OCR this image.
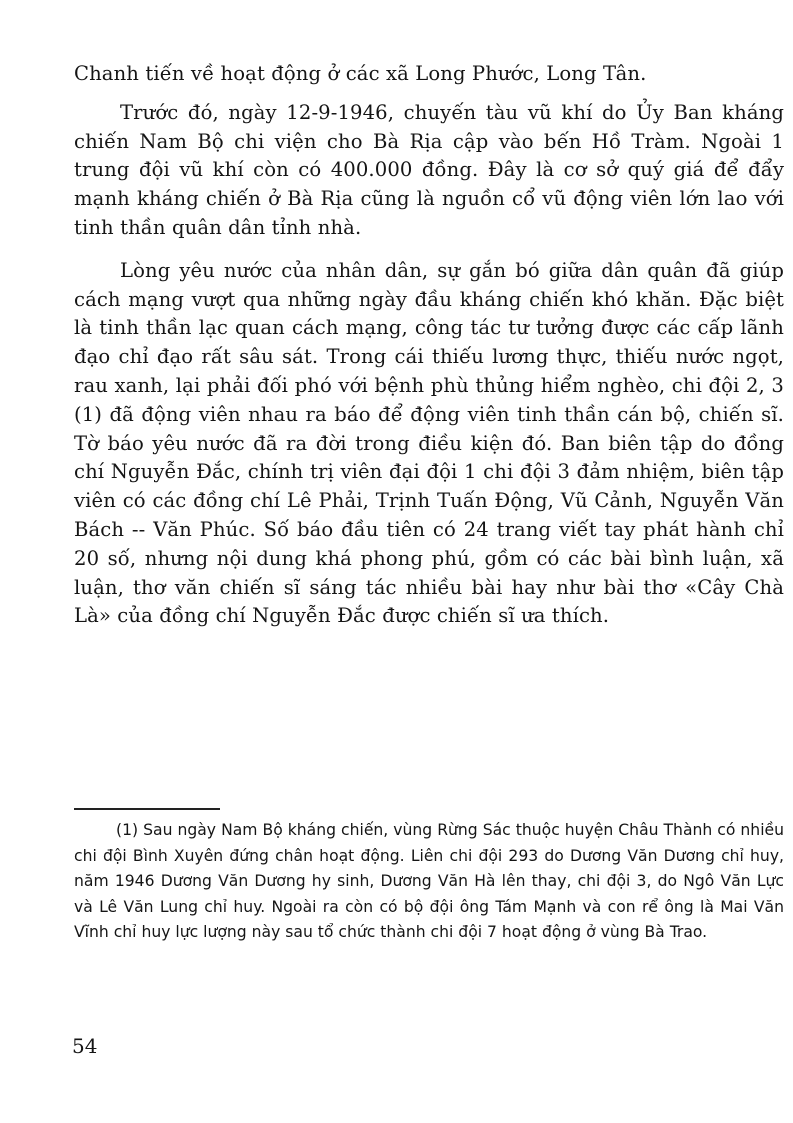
Chanh tiến về hoạt động ở các xã Long Phước, Long Tân.

Trước đó, ngày 12-9-1946, chuyến tàu vũ khí do Ủy Ban kháng chiến Nam Bộ chi viện cho Bà Rịa cập vào bến Hồ Tràm. Ngoài 1 trung đội vũ khí còn có 400.000 đồng. Đây là cơ sở quý giá để đẩy mạnh kháng chiến ở Bà Rịa cũng là nguồn cổ vũ động viên lớn lao với tinh thần quân dân tỉnh nhà.

Lòng yêu nước của nhân dân, sự gắn bó giữa dân quân đã giúp cách mạng vượt qua những ngày đầu kháng chiến khó khăn. Đặc biệt là tinh thần lạc quan cách mạng, công tác tư tưởng được các cấp lãnh đạo chỉ đạo rất sâu sát. Trong cái thiếu lương thực, thiếu nước ngọt, rau xanh, lại phải đối phó với bệnh phù thủng hiểm nghèo, chi đội 2, 3 (1) đã động viên nhau ra báo để động viên tinh thần cán bộ, chiến sĩ. Tờ báo yêu nước đã ra đời trong điều kiện đó. Ban biên tập do đồng chí Nguyễn Đắc, chính trị viên đại đội 1 chi đội 3 đảm nhiệm, biên tập viên có các đồng chí Lê Phải, Trịnh Tuấn Động, Vũ Cảnh, Nguyễn Văn Bách -- Văn Phúc. Số báo đầu tiên có 24 trang viết tay phát hành chỉ 20 số, nhưng nội dung khá phong phú, gồm có các bài bình luận, xã luận, thơ văn chiến sĩ sáng tác nhiều bài hay như bài thơ «Cây Chà Là» của đồng chí Nguyễn Đắc được chiến sĩ ưa thích.

(1) Sau ngày Nam Bộ kháng chiến, vùng Rừng Sác thuộc huyện Châu Thành có nhiều chi đội Bình Xuyên đứng chân hoạt động. Liên chi đội 293 do Dương Văn Dương chỉ huy, năm 1946 Dương Văn Dương hy sinh, Dương Văn Hà lên thay, chi đội 3, do Ngô Văn Lực và Lê Văn Lung chỉ huy. Ngoài ra còn có bộ đội ông Tám Mạnh và con rể ông là Mai Văn Vĩnh chỉ huy lực lượng này sau tổ chức thành chi đội 7 hoạt động ở vùng Bà Trao.

54
